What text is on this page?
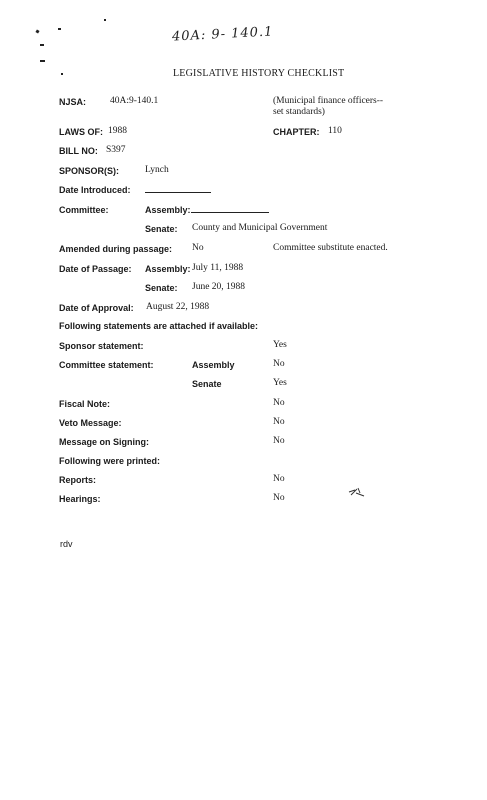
40A: 9- 140.1
LEGISLATIVE HISTORY CHECKLIST
NJSA:	40A:9-140.1	(Municipal finance officers--
set standards)
LAWS OF: 1988	CHAPTER: 110
BILL NO: S397
SPONSOR(S):	Lynch
Date Introduced:
Committee:	Assembly:
Senate: County and Municipal Government
Amended during passage: No	Committee substitute enacted.
Date of Passage: Assembly: July 11, 1988
Senate: June 20, 1988
Date of Approval: August 22, 1988
Following statements are attached if available:
Sponsor statement:	Yes
Committee statement:	Assembly	No
Senate	Yes
Fiscal Note:	No
Veto Message:	No
Message on Signing:	No
Following were printed:
Reports:	No
Hearings:	No
rdv
